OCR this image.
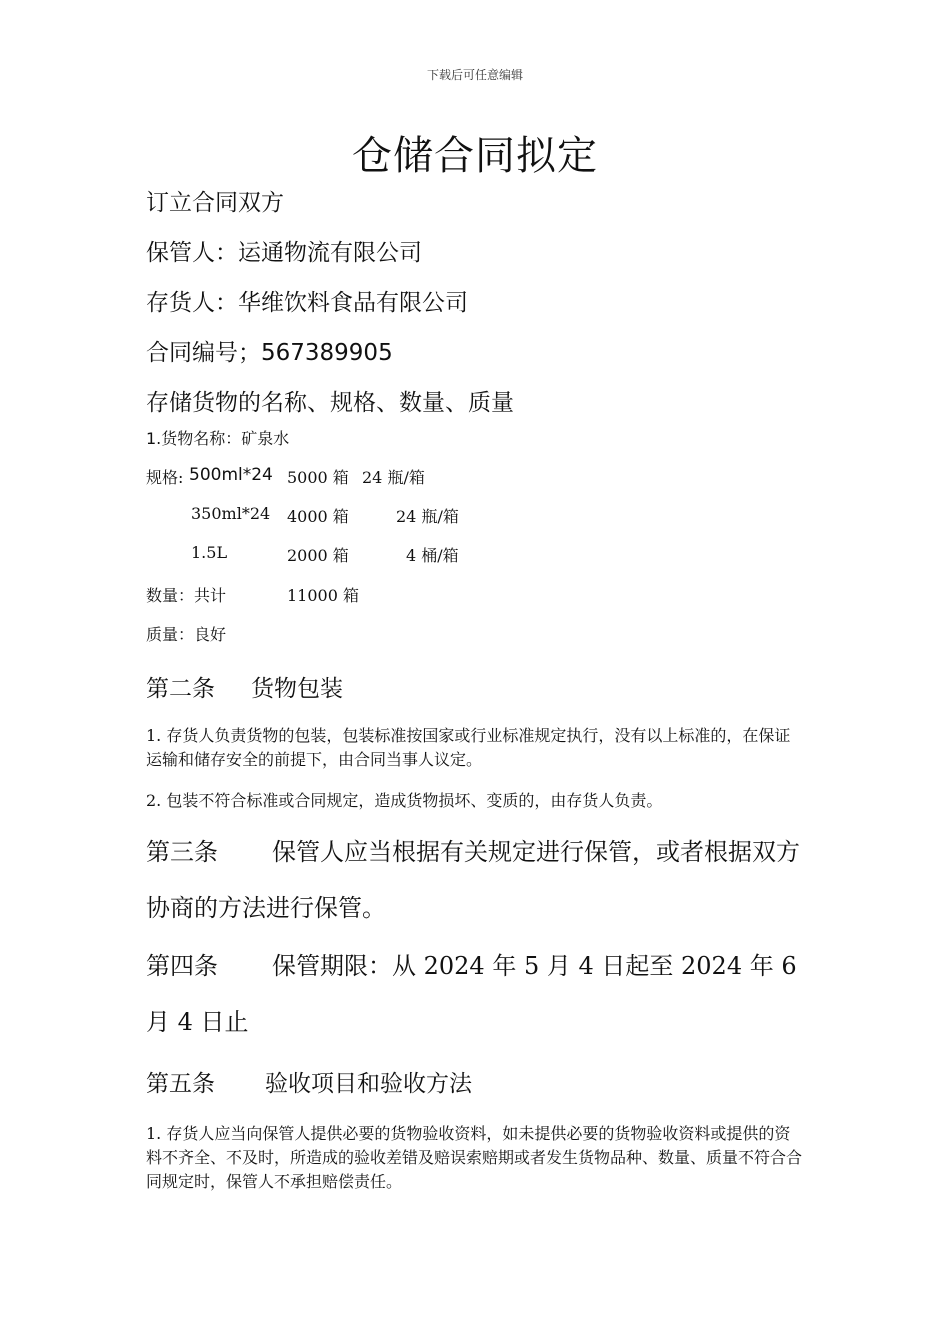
下载后可任意编辑
仓储合同拟定
订立合同双方
保管人：运通物流有限公司
存货人：华维饮料食品有限公司
合同编号；567389905
存储货物的名称、规格、数量、质量
1.货物名称：矿泉水
规格: 500ml*24 5000 箱 24 瓶/箱
350ml*24 4000 箱	24 瓶/箱
1.5L	2000 箱	4 桶/箱
数量：共计	11000 箱
质量：良好
第二条 货物包装
1. 存货人负责货物的包装，包装标准按国家或行业标准规定执行，没有以上标准的，在保证运输和储存安全的前提下，由合同当事人议定。
2. 包装不符合标准或合同规定，造成货物损坏、变质的，由存货人负责。
第三条 保管人应当根据有关规定进行保管，或者根据双方协商的方法进行保管。
第四条 保管期限：从 2024 年 5 月 4 日起至 2024 年 6 月 4 日止
第五条 验收项目和验收方法
1. 存货人应当向保管人提供必要的货物验收资料，如未提供必要的货物验收资料或提供的资料不齐全、不及时，所造成的验收差错及赔误索赔期或者发生货物品种、数量、质量不符合合同规定时，保管人不承担赔偿责任。
